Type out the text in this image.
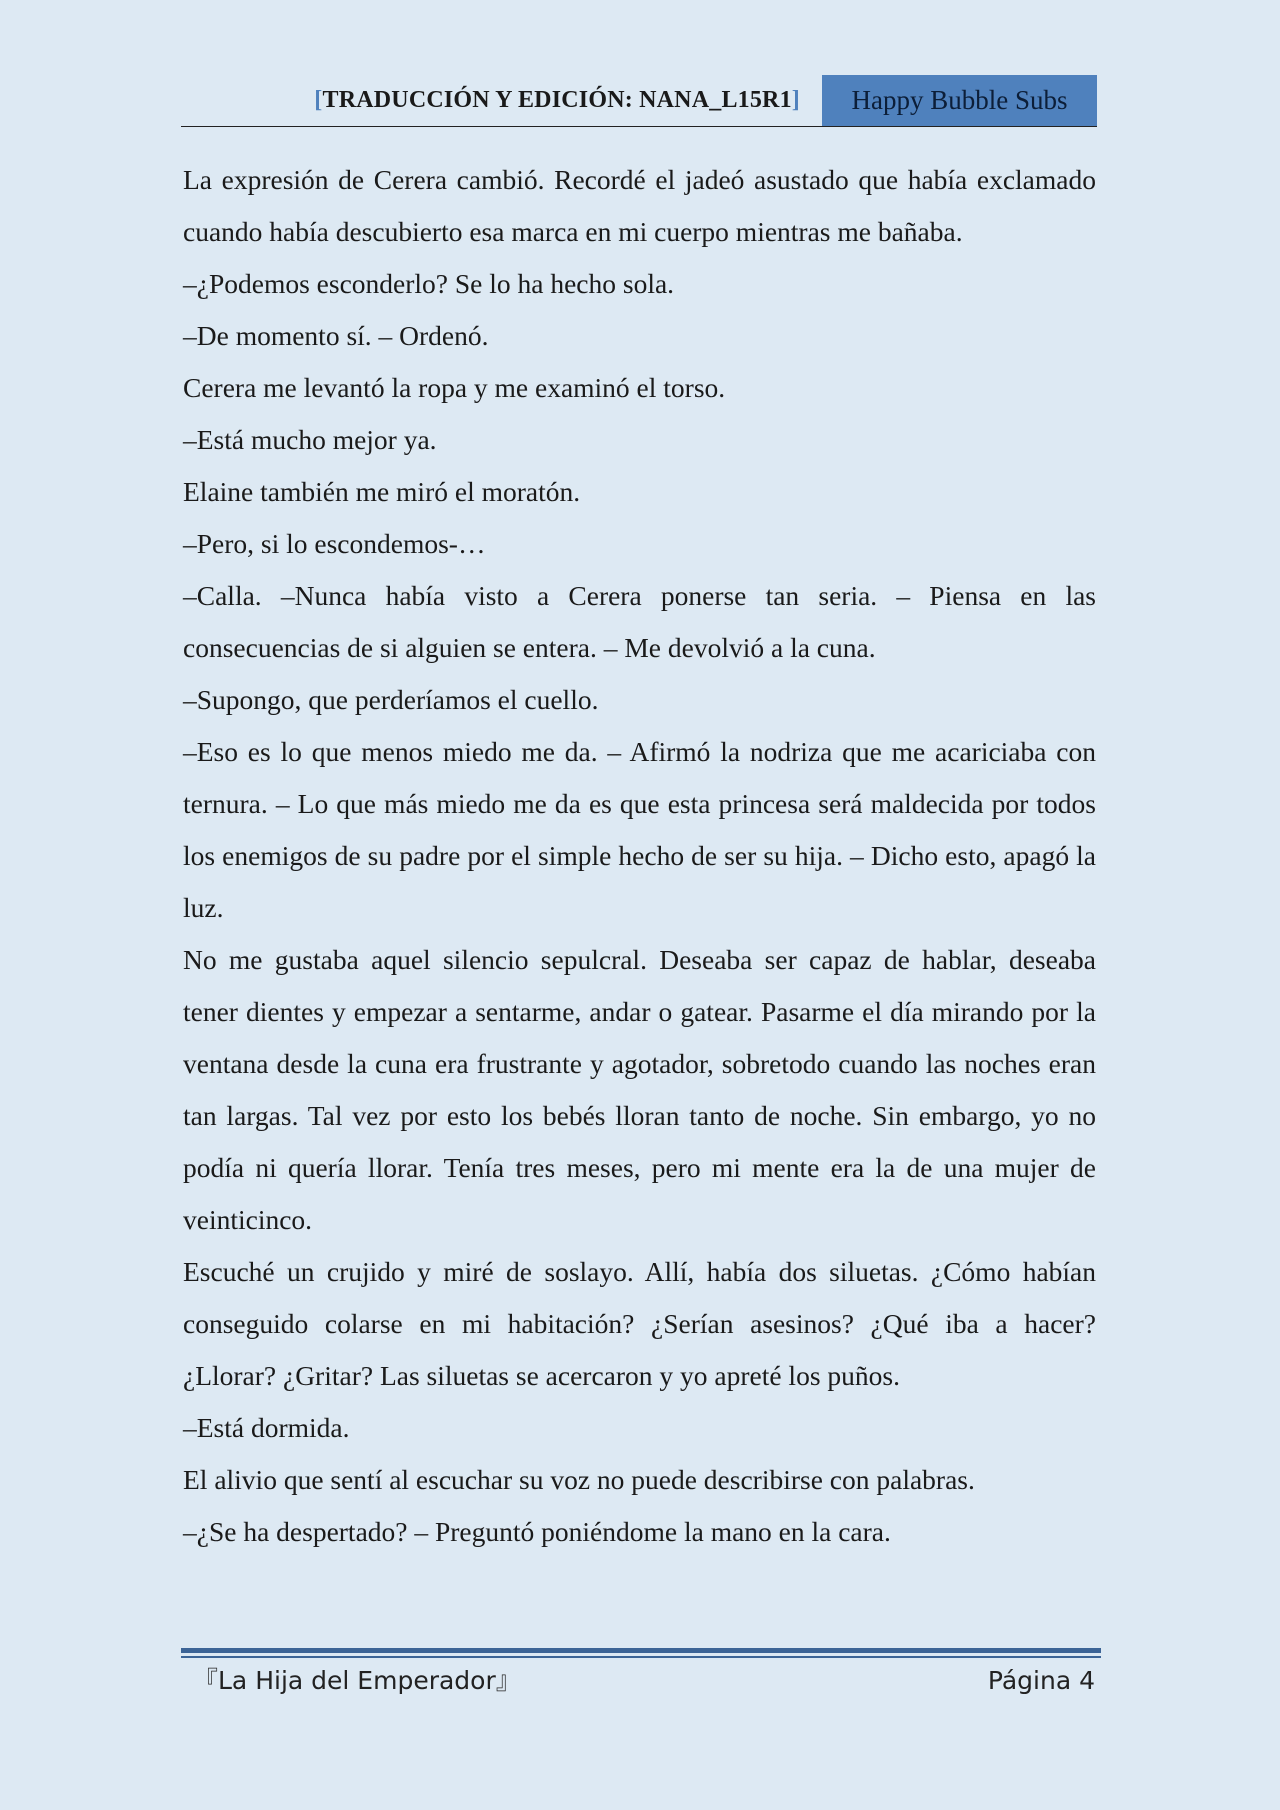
[TRADUCCIÓN Y EDICIÓN: NANA_L15R1]	Happy Bubble Subs

La expresión de Cerera cambió. Recordé el jadeó asustado que había exclamado cuando había descubierto esa marca en mi cuerpo mientras me bañaba.

–¿Podemos esconderlo? Se lo ha hecho sola.

–De momento sí. – Ordenó.

Cerera me levantó la ropa y me examinó el torso.

–Está mucho mejor ya.

Elaine también me miró el moratón.

–Pero, si lo escondemos-…

–Calla. –Nunca había visto a Cerera ponerse tan seria. – Piensa en las consecuencias de si alguien se entera. – Me devolvió a la cuna.

–Supongo, que perderíamos el cuello.

–Eso es lo que menos miedo me da. – Afirmó la nodriza que me acariciaba con ternura. – Lo que más miedo me da es que esta princesa será maldecida por todos los enemigos de su padre por el simple hecho de ser su hija. – Dicho esto, apagó la luz.

No me gustaba aquel silencio sepulcral. Deseaba ser capaz de hablar, deseaba tener dientes y empezar a sentarme, andar o gatear. Pasarme el día mirando por la ventana desde la cuna era frustrante y agotador, sobretodo cuando las noches eran tan largas. Tal vez por esto los bebés lloran tanto de noche. Sin embargo, yo no podía ni quería llorar. Tenía tres meses, pero mi mente era la de una mujer de veinticinco.

Escuché un crujido y miré de soslayo. Allí, había dos siluetas. ¿Cómo habían conseguido colarse en mi habitación? ¿Serían asesinos? ¿Qué iba a hacer? ¿Llorar? ¿Gritar? Las siluetas se acercaron y yo apreté los puños.

–Está dormida.

El alivio que sentí al escuchar su voz no puede describirse con palabras.

–¿Se ha despertado? – Preguntó poniéndome la mano en la cara.

『La Hija del Emperador』	Página 4
